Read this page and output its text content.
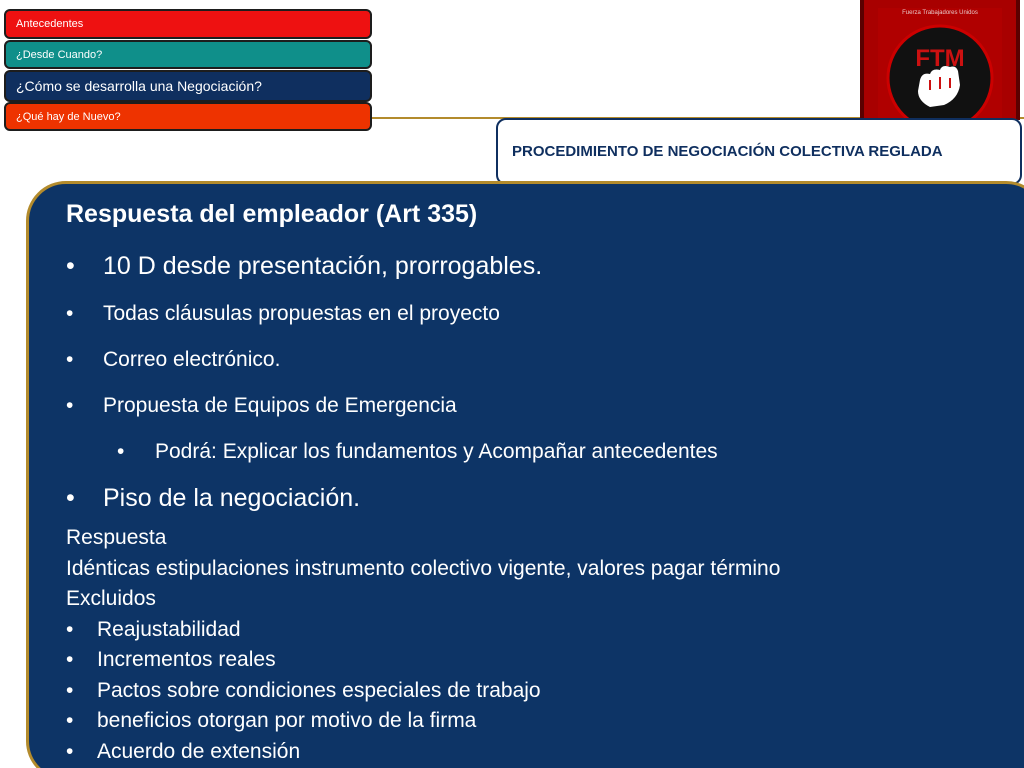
Antecedentes
¿Desde Cuando?
¿Cómo se desarrolla una Negociación?
¿Qué hay de Nuevo?
Fuerza Trabajadores Unidos
FTM
PROCEDIMIENTO DE NEGOCIACIÓN COLECTIVA REGLADA

Respuesta del empleador (Art 335)

• 10 D desde presentación, prorrogables.

• Todas cláusulas propuestas en el proyecto

• Correo electrónico.

• Propuesta de Equipos de Emergencia

• Podrá: Explicar los fundamentos y Acompañar antecedentes

• Piso de la negociación.

Respuesta

Idénticas estipulaciones instrumento colectivo vigente, valores pagar término

Excluidos

• Reajustabilidad

• Incrementos reales

• Pactos sobre condiciones especiales de trabajo

• beneficios otorgan por motivo de la firma

• Acuerdo de extensión
